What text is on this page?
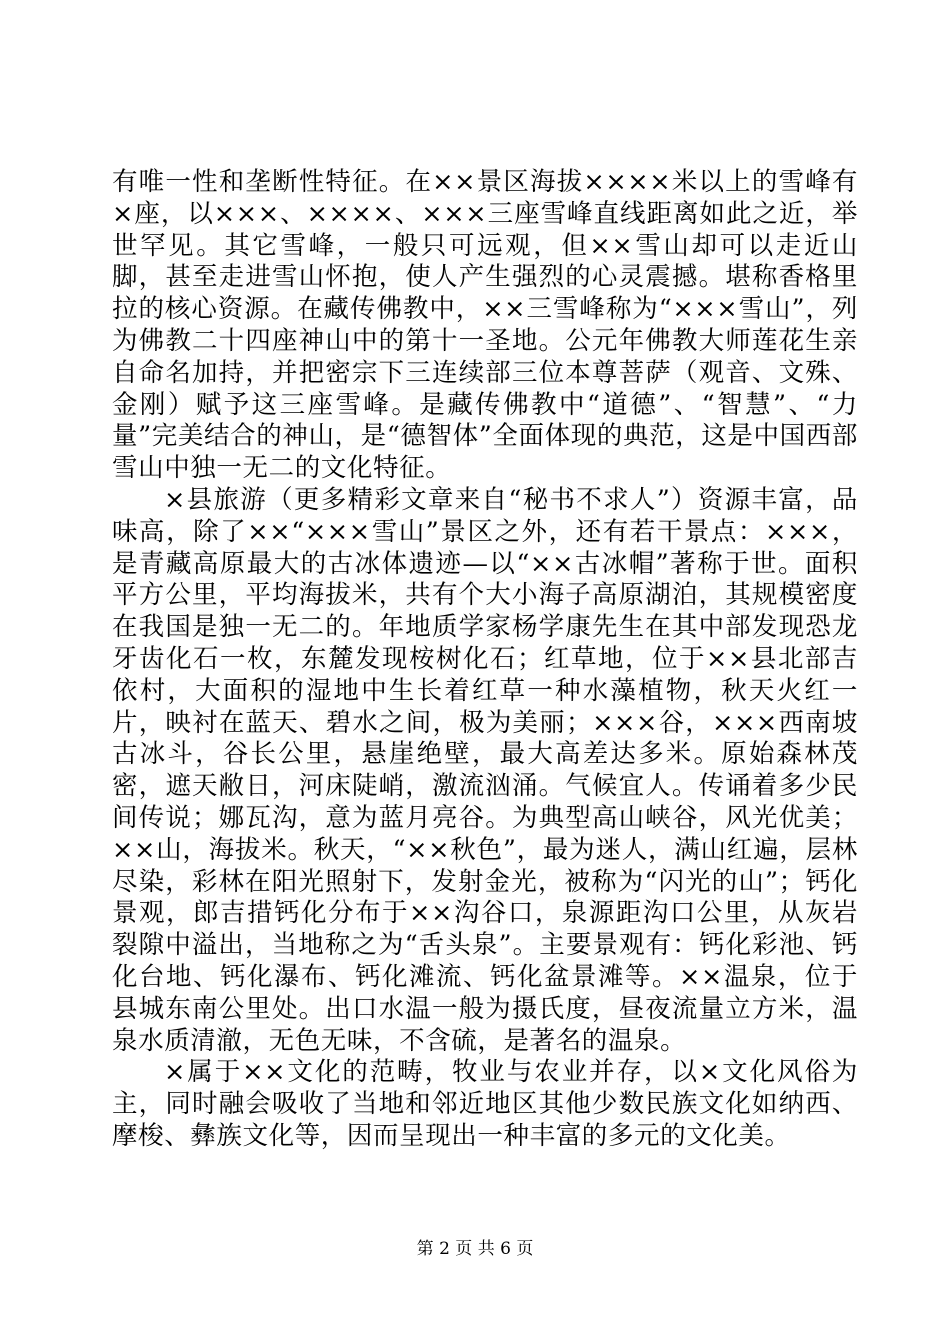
有唯一性和垄断性特征。在××景区海拔××××米以上的雪峰有×座，以×××、××××、×××三座雪峰直线距离如此之近，举世罕见。其它雪峰，一般只可远观，但××雪山却可以走近山脚，甚至走进雪山怀抱，使人产生强烈的心灵震撼。堪称香格里拉的核心资源。在藏传佛教中，××三雪峰称为“×××雪山”，列为佛教二十四座神山中的第十一圣地。公元年佛教大师莲花生亲自命名加持，并把密宗下三连续部三位本尊菩萨（观音、文殊、金刚）赋予这三座雪峰。是藏传佛教中“道德”、“智慧”、“力量”完美结合的神山，是“德智体”全面体现的典范，这是中国西部雪山中独一无二的文化特征。

×县旅游（更多精彩文章来自“秘书不求人”）资源丰富，品味高，除了××“×××雪山”景区之外，还有若干景点：×××，是青藏高原最大的古冰体遗迹—以“××古冰帽”著称于世。面积平方公里，平均海拔米，共有个大小海子高原湖泊，其规模密度在我国是独一无二的。年地质学家杨学康先生在其中部发现恐龙牙齿化石一枚，东麓发现桉树化石；红草地，位于××县北部吉依村，大面积的湿地中生长着红草一种水藻植物，秋天火红一片，映衬在蓝天、碧水之间，极为美丽；×××谷，×××西南坡古冰斗，谷长公里，悬崖绝壁，最大高差达多米。原始森林茂密，遮天敝日，河床陡峭，激流汹涌。气候宜人。传诵着多少民间传说；娜瓦沟，意为蓝月亮谷。为典型高山峡谷，风光优美；××山，海拔米。秋天，“××秋色”，最为迷人，满山红遍，层林尽染，彩林在阳光照射下，发射金光，被称为“闪光的山”；钙化景观，郎吉措钙化分布于××沟谷口，泉源距沟口公里，从灰岩裂隙中溢出，当地称之为“舌头泉”。主要景观有：钙化彩池、钙化台地、钙化瀑布、钙化滩流、钙化盆景滩等。××温泉，位于县城东南公里处。出口水温一般为摄氏度，昼夜流量立方米，温泉水质清澈，无色无味，不含硫，是著名的温泉。

×属于××文化的范畴，牧业与农业并存，以×文化风俗为主，同时融会吸收了当地和邻近地区其他少数民族文化如纳西、摩梭、彝族文化等，因而呈现出一种丰富的多元的文化美。

第 2 页 共 6 页
